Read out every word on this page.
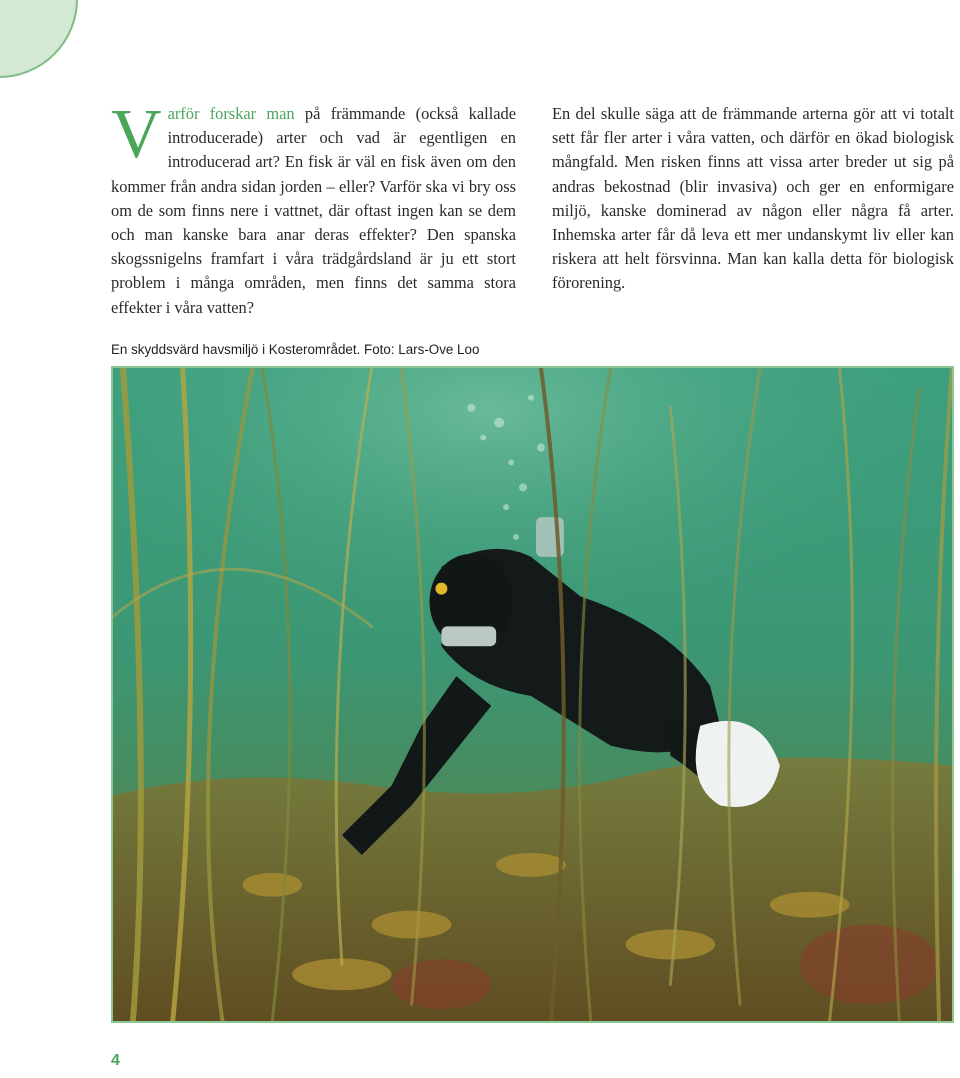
Varför forskar man på främmande (också kallade introducerade) arter och vad är egentligen en introducerad art? En fisk är väl en fisk även om den kommer från andra sidan jorden – eller? Varför ska vi bry oss om de som finns nere i vattnet, där oftast ingen kan se dem och man kanske bara anar deras effekter? Den spanska skogssnigelns framfart i våra trädgårdsland är ju ett stort problem i många områden, men finns det samma stora effekter i våra vatten?

En del skulle säga att de främmande arterna gör att vi totalt sett får fler arter i våra vatten, och därför en ökad biologisk mångfald. Men risken finns att vissa arter breder ut sig på andras bekostnad (blir invasiva) och ger en enformigare miljö, kanske dominerad av någon eller några få arter. Inhemska arter får då leva ett mer undanskymt liv eller kan riskera att helt försvinna. Man kan kalla detta för biologisk förorening.

En skyddsvärd havsmiljö i Kosterområdet. Foto: Lars-Ove Loo
4
